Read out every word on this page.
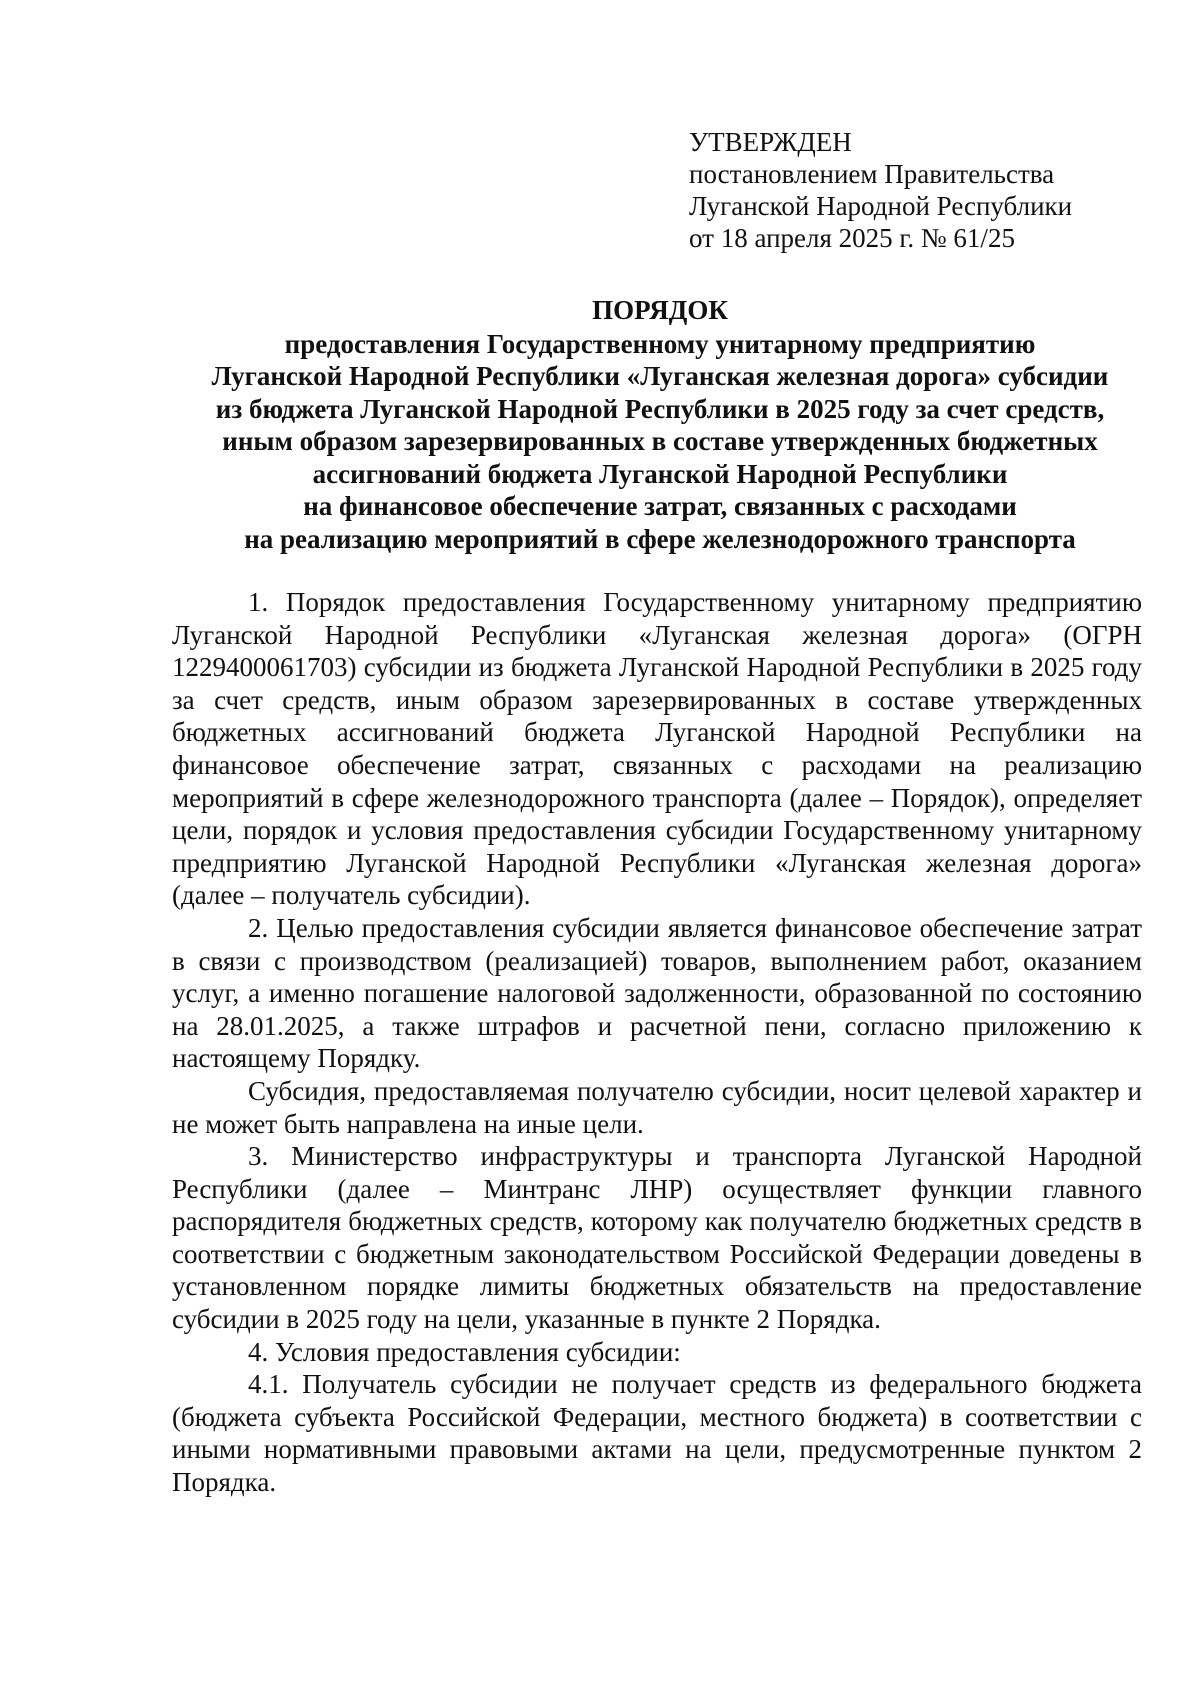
УТВЕРЖДЕН
постановлением Правительства
Луганской Народной Республики
от 18 апреля 2025 г. № 61/25
ПОРЯДОК
предоставления Государственному унитарному предприятию
Луганской Народной Республики «Луганская железная дорога» субсидии
из бюджета Луганской Народной Республики в 2025 году за счет средств,
иным образом зарезервированных в составе утвержденных бюджетных
ассигнований бюджета Луганской Народной Республики
на финансовое обеспечение затрат, связанных с расходами
на реализацию мероприятий в сфере железнодорожного транспорта

1. Порядок предоставления Государственному унитарному предприятию Луганской Народной Республики «Луганская железная дорога» (ОГРН 1229400061703) субсидии из бюджета Луганской Народной Республики в 2025 году за счет средств, иным образом зарезервированных в составе утвержденных бюджетных ассигнований бюджета Луганской Народной Республики на финансовое обеспечение затрат, связанных с расходами на реализацию мероприятий в сфере железнодорожного транспорта (далее – Порядок), определяет цели, порядок и условия предоставления субсидии Государственному унитарному предприятию Луганской Народной Республики «Луганская железная дорога» (далее – получатель субсидии).

2. Целью предоставления субсидии является финансовое обеспечение затрат в связи с производством (реализацией) товаров, выполнением работ, оказанием услуг, а именно погашение налоговой задолженности, образованной по состоянию на 28.01.2025, а также штрафов и расчетной пени, согласно приложению к настоящему Порядку.

Субсидия, предоставляемая получателю субсидии, носит целевой характер и не может быть направлена на иные цели.

3. Министерство инфраструктуры и транспорта Луганской Народной Республики (далее – Минтранс ЛНР) осуществляет функции главного распорядителя бюджетных средств, которому как получателю бюджетных средств в соответствии с бюджетным законодательством Российской Федерации доведены в установленном порядке лимиты бюджетных обязательств на предоставление субсидии в 2025 году на цели, указанные в пункте 2 Порядка.

4. Условия предоставления субсидии:

4.1. Получатель субсидии не получает средств из федерального бюджета (бюджета субъекта Российской Федерации, местного бюджета) в соответствии с иными нормативными правовыми актами на цели, предусмотренные пунктом 2 Порядка.
